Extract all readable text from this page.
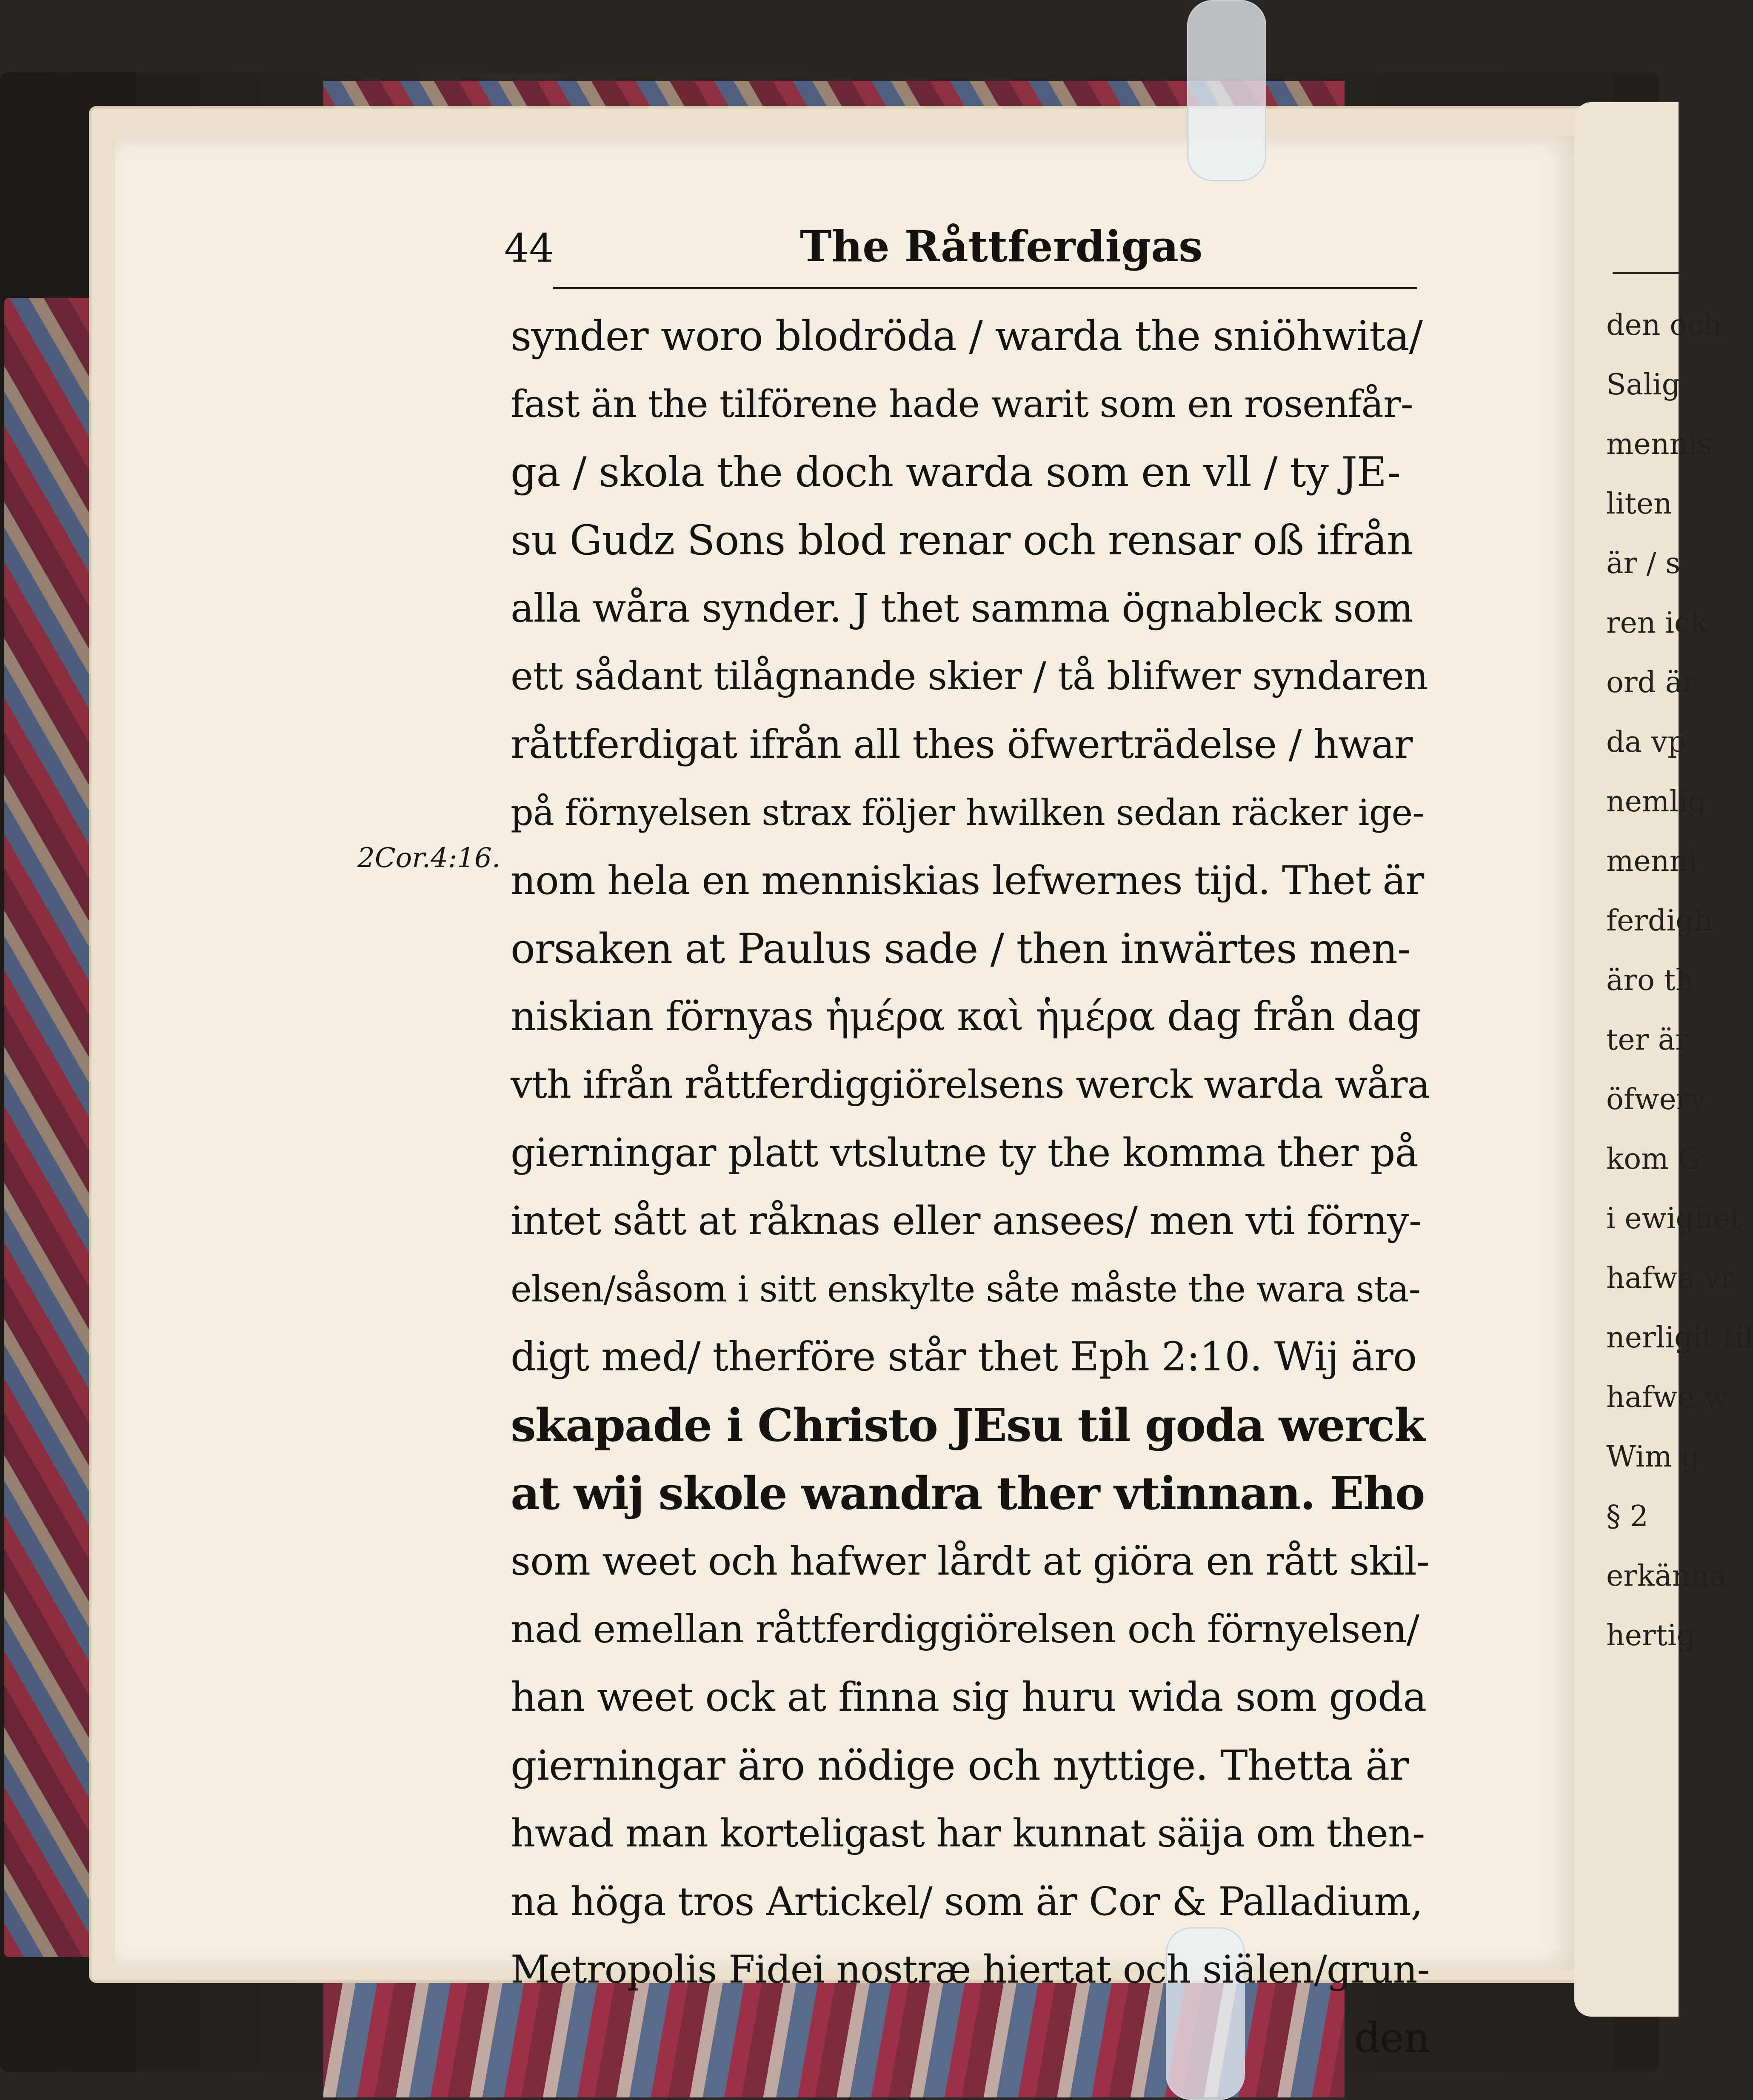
den och
Salig
mennis
liten
är / s
ren ick
ord är
da vp
nemlig
menni
ferdigh
äro th
ter är
öfwery
kom G
i ewighet
hafwa vr
nerligit til
hafwe w
Wim g
§ 2
erkänna
hertig
44	The Råttferdigas
2Cor.4:16.
synder woro blodröda / warda the sniöhwita/
fast än the tilförene hade warit som en rosenfår-
ga / skola the doch warda som en vll / ty JE-
su Gudz Sons blod renar och rensar oß ifrån
alla wåra synder. J thet samma ögnableck som
ett sådant tilågnande skier / tå blifwer syndaren
råttferdigat ifrån all thes öfwerträdelse / hwar
på förnyelsen strax följer hwilken sedan räcker ige-
nom hela en menniskias lefwernes tijd. Thet är
orsaken at Paulus sade / then inwärtes men-
niskian förnyas ἡμέρα καὶ ἡμέρα dag från dag
vth ifrån råttferdiggiörelsens werck warda wåra
gierningar platt vtslutne ty the komma ther på
intet sått at råknas eller ansees/ men vti förny-
elsen/såsom i sitt enskylte såte måste the wara sta-
digt med/ therföre står thet Eph 2:10. Wij äro
skapade i Christo JEsu til goda werck
at wij skole wandra ther vtinnan. Eho
som weet och hafwer lårdt at giöra en rått skil-
nad emellan råttferdiggiörelsen och förnyelsen/
han weet ock at finna sig huru wida som goda
gierningar äro nödige och nyttige. Thetta är
hwad man korteligast har kunnat säija om then-
na höga tros Artickel/ som är Cor & Palladium,
Metropolis Fidei nostræ hiertat och siälen/grun-
den
